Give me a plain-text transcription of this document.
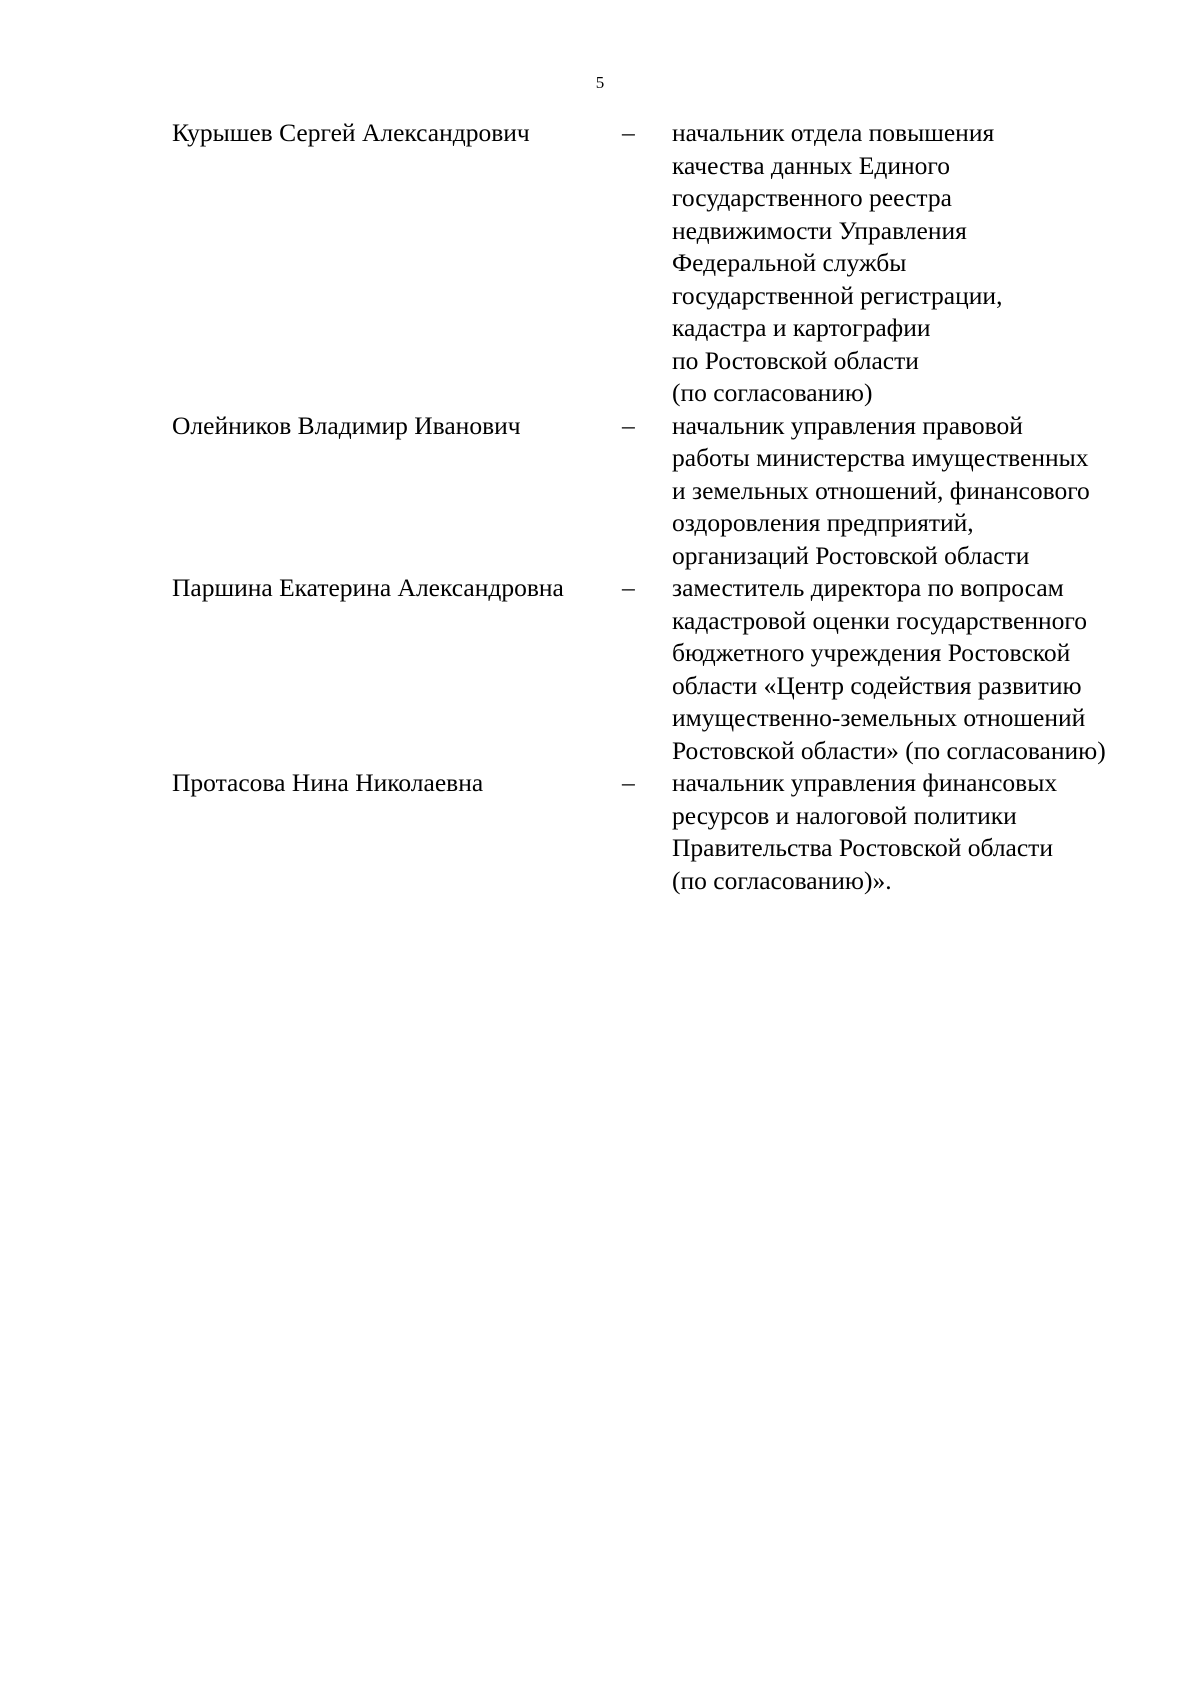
5
Курышев Сергей Александрович	– начальник отдела повышения
качества данных Единого
государственного реестра
недвижимости Управления
Федеральной службы
государственной регистрации,
кадастра и картографии
по Ростовской области
(по согласованию)
Олейников Владимир Иванович	– начальник управления правовой
работы министерства имущественных
и земельных отношений, финансового
оздоровления предприятий,
организаций Ростовской области
Паршина Екатерина Александровна – заместитель директора по вопросам
кадастровой оценки государственного
бюджетного учреждения Ростовской
области «Центр содействия развитию
имущественно-земельных отношений
Ростовской области» (по согласованию)
Протасова Нина Николаевна	– начальник управления финансовых
ресурсов и налоговой политики
Правительства Ростовской области
(по согласованию)».
